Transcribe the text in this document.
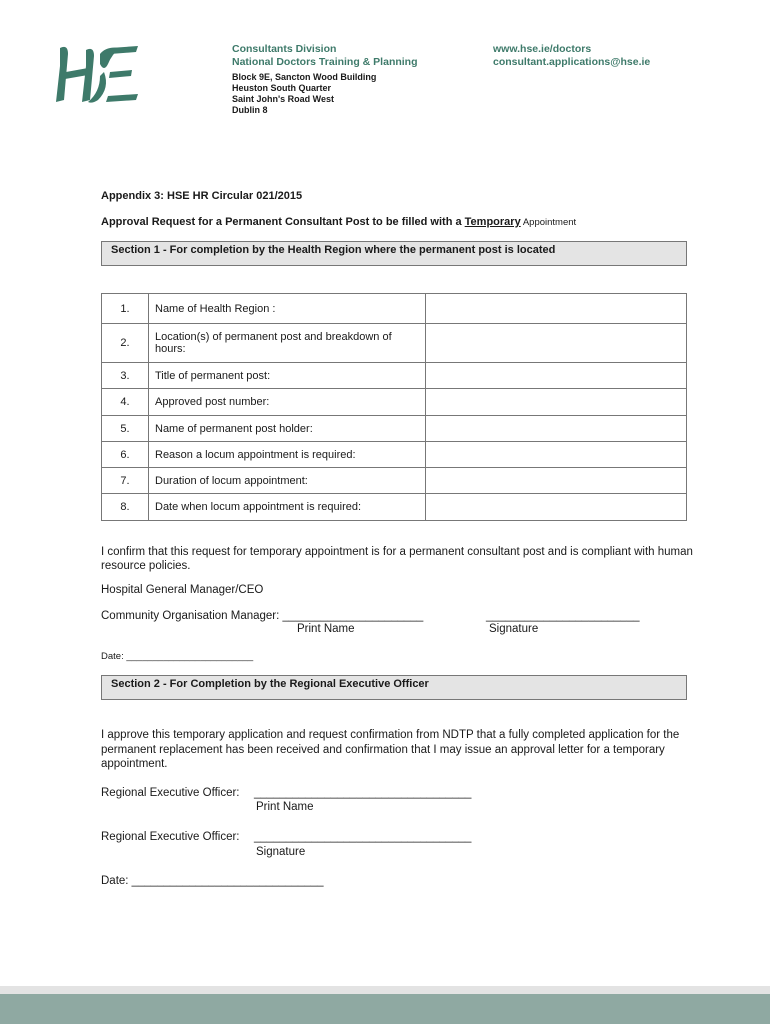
HSE
Consultants Division
National Doctors Training & Planning
www.hse.ie/doctors
consultant.applications@hse.ie
Block 9E, Sancton Wood Building
Heuston South Quarter
Saint John's Road West
Dublin 8
Appendix 3: HSE HR Circular 021/2015
Approval Request for a Permanent Consultant Post to be filled with a Temporary Appointment
Section 1 - For completion by the Health Region where the permanent post is located
1.	Name of Health Region :	
2.	Location(s) of permanent post and breakdown of hours:	
3.	Title of permanent post:	
4.	Approved post number:	
5.	Name of permanent post holder:	
6.	Reason a locum appointment is required:	
7.	Duration of locum appointment:	
8.	Date when locum appointment is required:	
I confirm that this request for temporary appointment is for a permanent consultant post and is compliant with human resource policies.
Hospital General Manager/CEO
Community Organisation Manager: ______________________	________________________
Print Name	Signature
Date: ________________________
Section 2 - For Completion by the Regional Executive Officer
I approve this temporary application and request confirmation from NDTP that a fully completed application for the permanent replacement has been received and confirmation that I may issue an approval letter for a temporary appointment.
Regional Executive Officer: __________________________________
Print Name
Regional Executive Officer: __________________________________
Signature
Date: ______________________________
